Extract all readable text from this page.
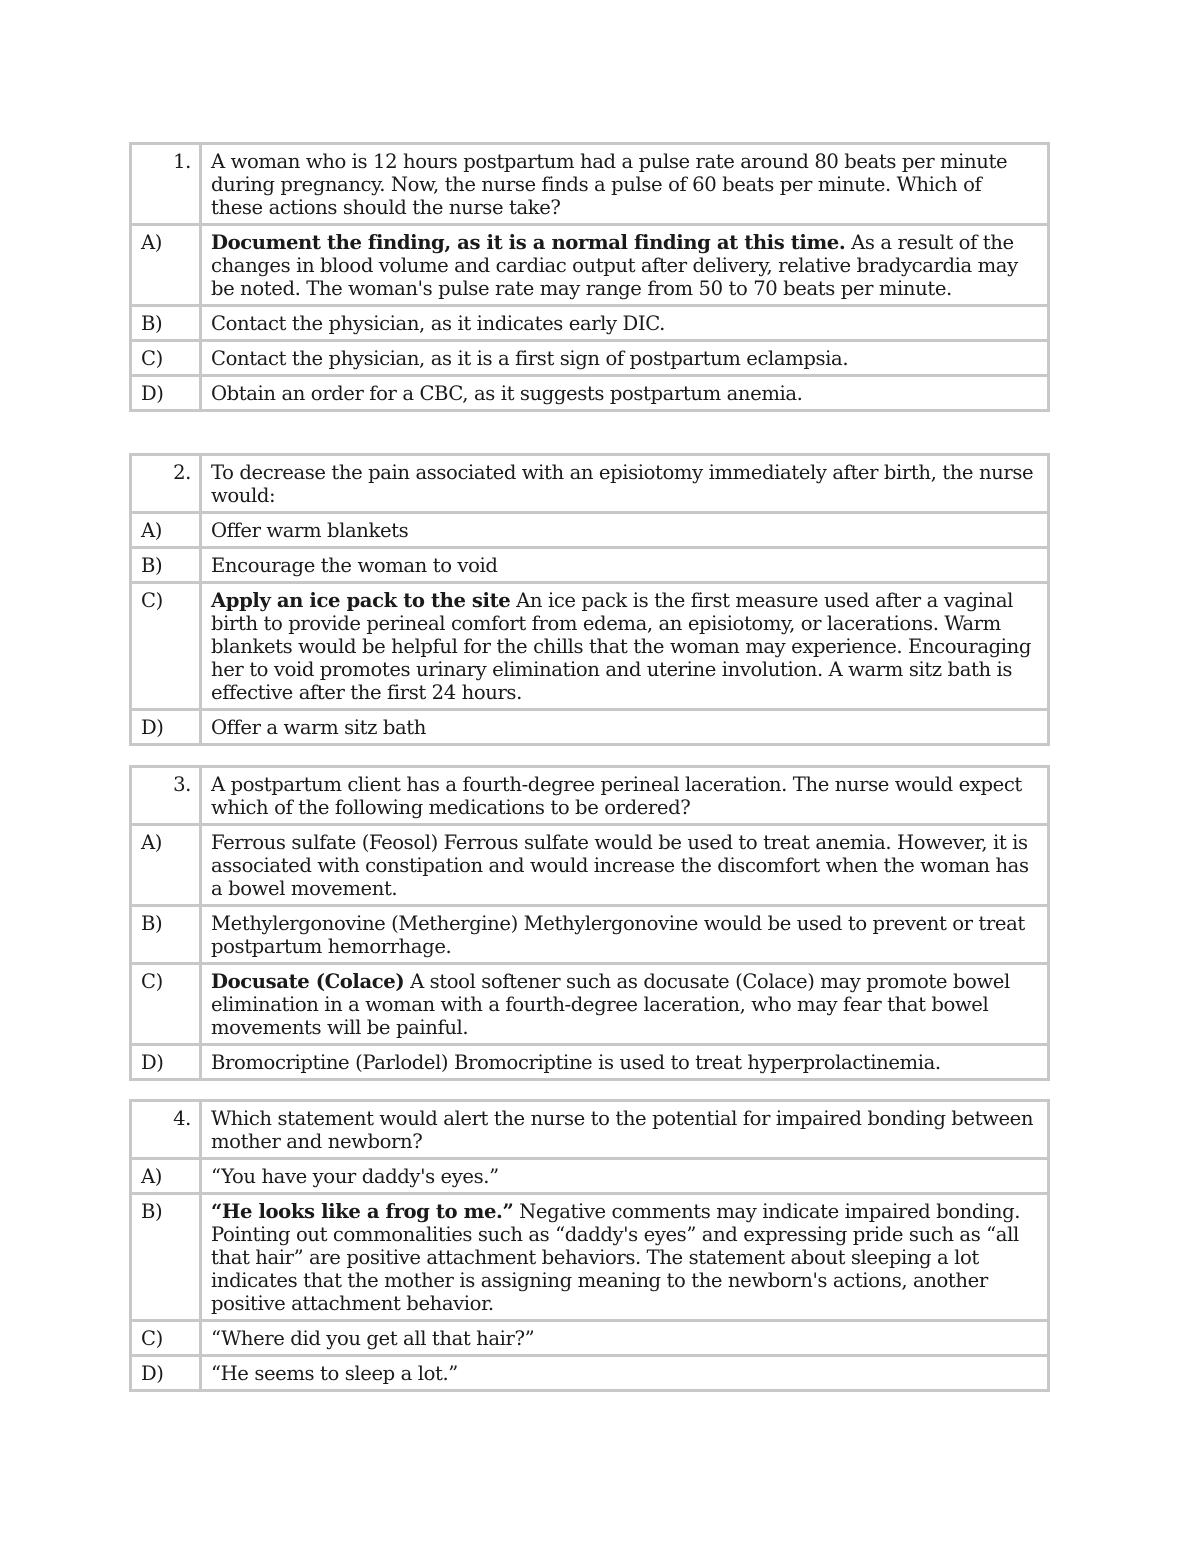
1.	A woman who is 12 hours postpartum had a pulse rate around 80 beats per minute during pregnancy. Now, the nurse finds a pulse of 60 beats per minute. Which of these actions should the nurse take?
A)	Document the finding, as it is a normal finding at this time. As a result of the changes in blood volume and cardiac output after delivery, relative bradycardia may be noted. The woman's pulse rate may range from 50 to 70 beats per minute.
B)	Contact the physician, as it indicates early DIC.
C)	Contact the physician, as it is a first sign of postpartum eclampsia.
D)	Obtain an order for a CBC, as it suggests postpartum anemia.
2.	To decrease the pain associated with an episiotomy immediately after birth, the nurse would:
A)	Offer warm blankets
B)	Encourage the woman to void
C)	Apply an ice pack to the site An ice pack is the first measure used after a vaginal birth to provide perineal comfort from edema, an episiotomy, or lacerations. Warm blankets would be helpful for the chills that the woman may experience. Encouraging her to void promotes urinary elimination and uterine involution. A warm sitz bath is effective after the first 24 hours.
D)	Offer a warm sitz bath
3.	A postpartum client has a fourth-degree perineal laceration. The nurse would expect which of the following medications to be ordered?
A)	Ferrous sulfate (Feosol) Ferrous sulfate would be used to treat anemia. However, it is associated with constipation and would increase the discomfort when the woman has a bowel movement.
B)	Methylergonovine (Methergine) Methylergonovine would be used to prevent or treat postpartum hemorrhage.
C)	Docusate (Colace) A stool softener such as docusate (Colace) may promote bowel elimination in a woman with a fourth-degree laceration, who may fear that bowel movements will be painful.
D)	Bromocriptine (Parlodel) Bromocriptine is used to treat hyperprolactinemia.
4.	Which statement would alert the nurse to the potential for impaired bonding between mother and newborn?
A)	“You have your daddy's eyes.”
B)	“He looks like a frog to me.” Negative comments may indicate impaired bonding. Pointing out commonalities such as “daddy's eyes” and expressing pride such as “all that hair” are positive attachment behaviors. The statement about sleeping a lot indicates that the mother is assigning meaning to the newborn's actions, another positive attachment behavior.
C)	“Where did you get all that hair?”
D)	“He seems to sleep a lot.”
